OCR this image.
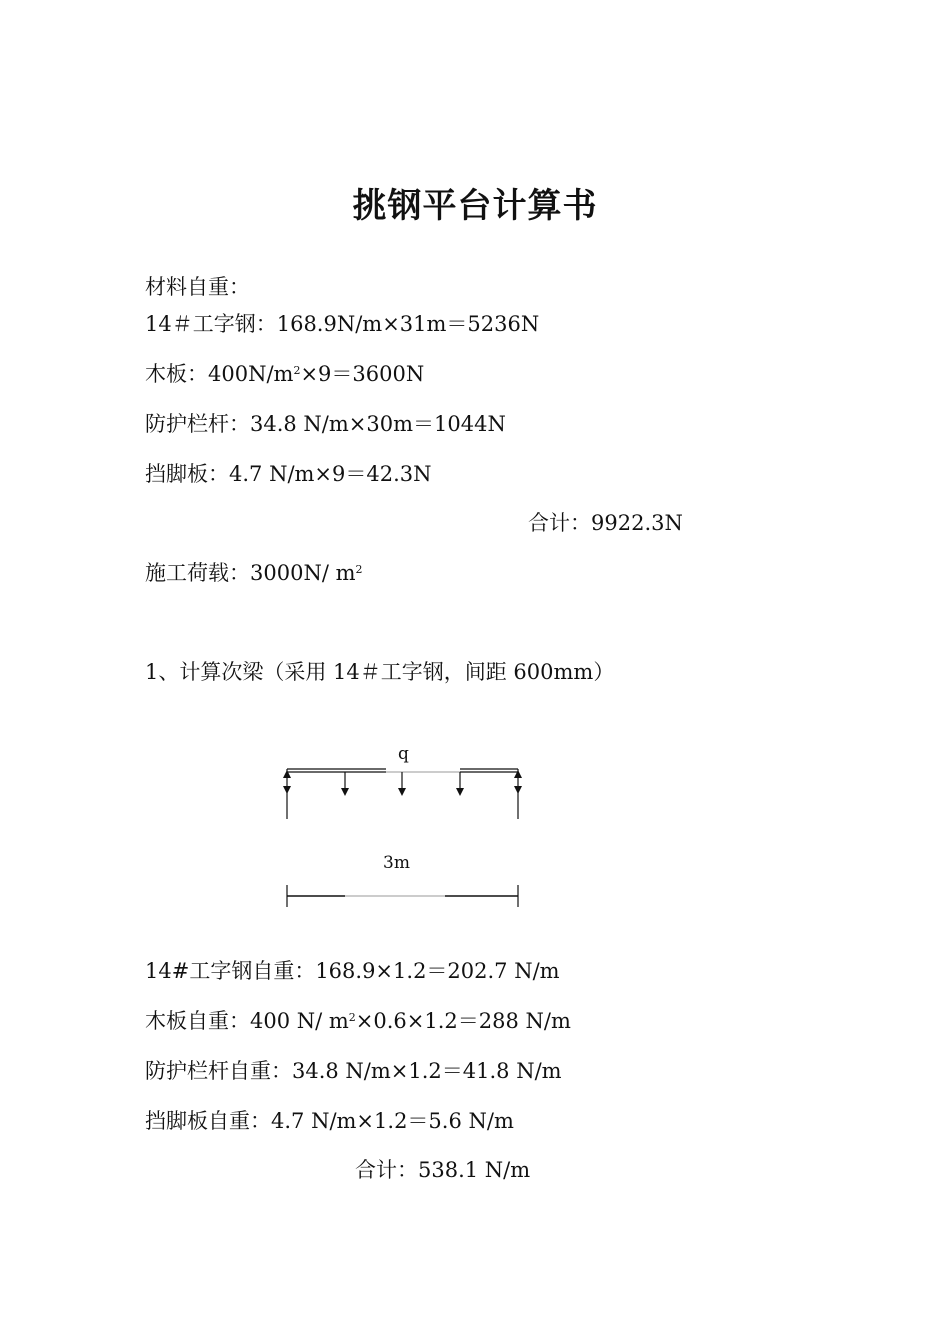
挑钢平台计算书
材料自重：
14＃工字钢：168.9N/m×31m＝5236N
木板：$400N/m^2\times 9=3600N$
防护栏杆：34.8 N/m×30m＝1044N
挡脚板：4.7 N/m×9＝42.3N
合计：9922.3N
施工荷载：3000N/ $m^2$
1、计算次梁（采用 14＃工字钢，间距 600mm）
q
3m
14#工字钢自重：168.9×1.2＝202.7 N/m
木板自重：400 N/ $m^2\times 0.6\times 1.2=288$ N/m
防护栏杆自重：34.8 N/m×1.2＝41.8 N/m
挡脚板自重：4.7 N/m×1.2＝5.6 N/m
合计：538.1 N/m
